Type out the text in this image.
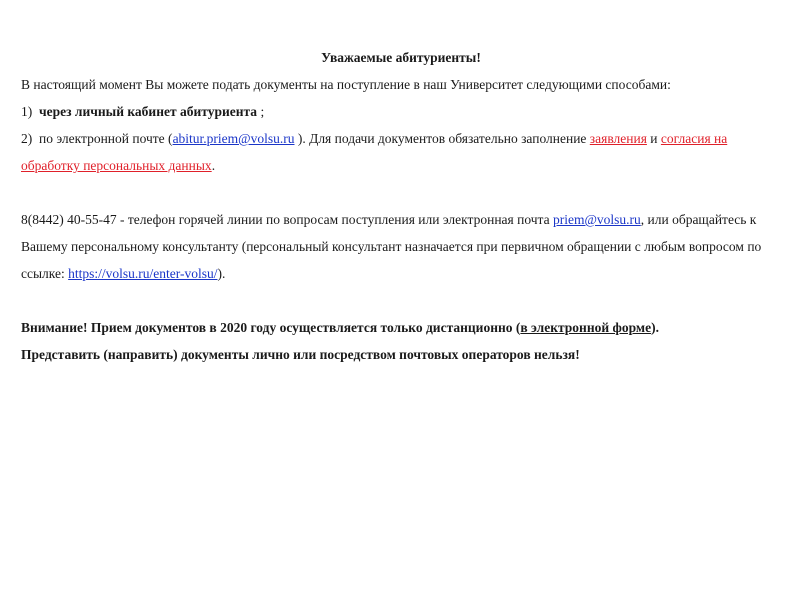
Уважаемые абитуриенты!

В настоящий момент Вы можете подать документы на поступление в наш Университет следующими способами:

1) через личный кабинет абитуриента ;

2) по электронной почте (abitur.priem@volsu.ru ). Для подачи документов обязательно заполнение заявления и согласия на обработку персональных данных.

8(8442) 40-55-47 - телефон горячей линии по вопросам поступления или электронная почта priem@volsu.ru, или обращайтесь к Вашему персональному консультанту (персональный консультант назначается при первичном обращении с любым вопросом по ссылке: https://volsu.ru/enter-volsu/).

Внимание! Прием документов в 2020 году осуществляется только дистанционно (в электронной форме).

Представить (направить) документы лично или посредством почтовых операторов нельзя!
